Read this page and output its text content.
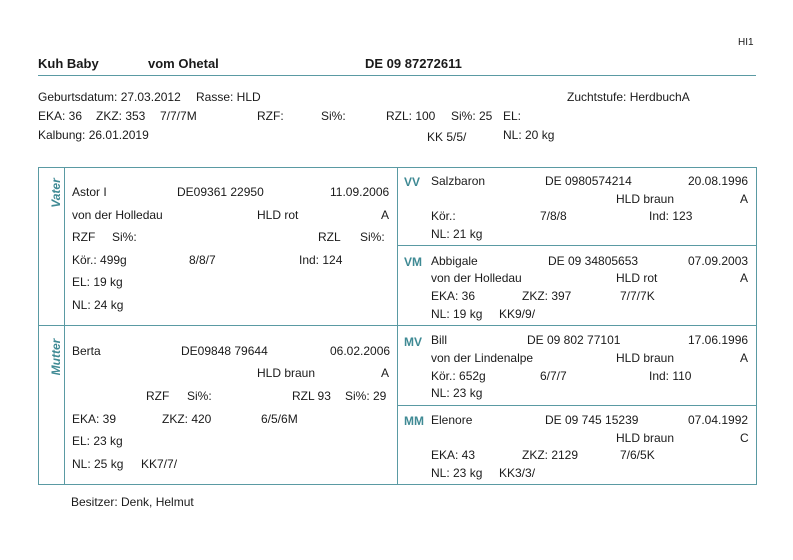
HI1
Kuh Baby	vom Ohetal	DE 09 87272611
Geburtsdatum: 27.03.2012 Rasse: HLD	Zuchtstufe: HerdbuchA
EKA: 36 ZKZ: 353 7/7/7M	RZF:	Si%:	RZL: 100 Si%: 25 EL:
Kalbung: 26.01.2019	KK 5/5/	NL: 20 kg
Vater
Mutter
Astor I	DE09361 22950	11.09.2006
von der Holledau	HLD rot	A
RZF Si%:	RZL Si%:
Kör.: 499g	8/8/7	Ind: 124
EL: 19 kg
NL: 24 kg
Berta	DE09848 79644	06.02.2006
HLD braun	A
RZF Si%:	RZL 93 Si%: 29
EKA: 39	ZKZ: 420	6/5/6M
EL: 23 kg
NL: 25 kg KK7/7/
VV Salzbaron	DE 0980574214	20.08.1996
HLD braun	A
Kör.:	7/8/8	Ind: 123
NL: 21 kg
VM Abbigale	DE 09 34805653	07.09.2003
von der Holledau	HLD rot	A
EKA: 36	ZKZ: 397	7/7/7K
NL: 19 kg KK9/9/
MV Bill	DE 09 802 77101	17.06.1996
von der Lindenalpe	HLD braun	A
Kör.: 652g	6/7/7	Ind: 110
NL: 23 kg
MM Elenore	DE 09 745 15239	07.04.1992
HLD braun	C
EKA: 43	ZKZ: 2129	7/6/5K
NL: 23 kg KK3/3/
Besitzer: Denk, Helmut
